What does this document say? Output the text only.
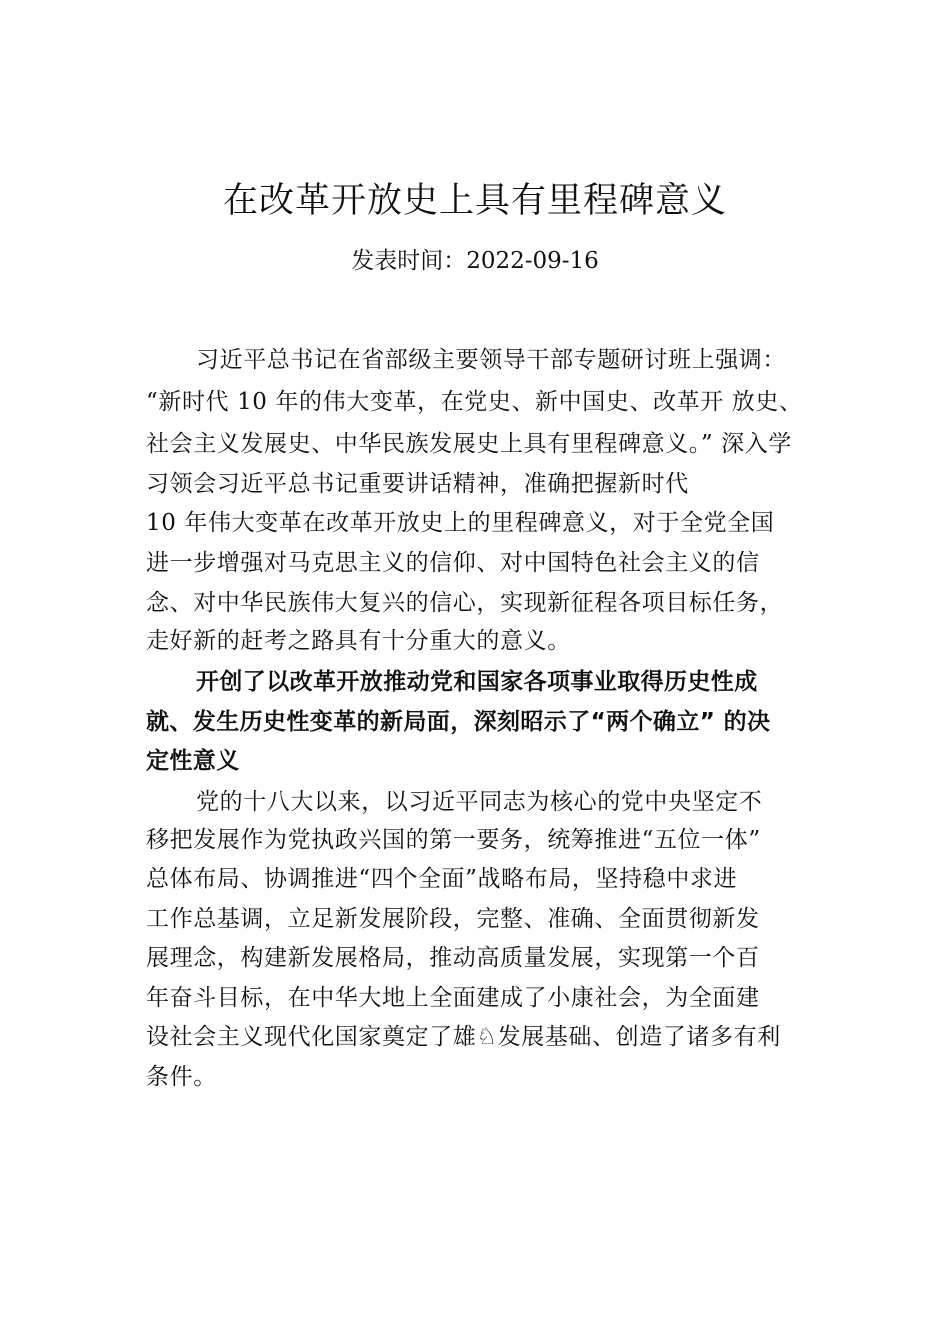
在改革开放史上具有里程碑意义
发表时间：2022-09-16
习近平总书记在省部级主要领导干部专题研讨班上强调：
“新时代 10 年的伟大变革，在党史、新中国史、改革开 放史、
社会主义发展史、中华民族发展史上具有里程碑意义。” 深入学
习领会习近平总书记重要讲话精神，准确把握新时代
10 年伟大变革在改革开放史上的里程碑意义，对于全党全国
进一步增强对马克思主义的信仰、对中国特色社会主义的信
念、对中华民族伟大复兴的信心，实现新征程各项目标任务，
走好新的赶考之路具有十分重大的意义。
开创了以改革开放推动党和国家各项事业取得历史性成
就、发生历史性变革的新局面，深刻昭示了“两个确立” 的决
定性意义
党的十八大以来，以习近平同志为核心的党中央坚定不
移把发展作为党执政兴国的第一要务，统筹推进“五位一体”
总体布局、协调推进“四个全面”战略布局，坚持稳中求进
工作总基调，立足新发展阶段，完整、准确、全面贯彻新发
展理念，构建新发展格局，推动高质量发展，实现第一个百
年奋斗目标，在中华大地上全面建成了小康社会，为全面建
设社会主义现代化国家奠定了雄♘发展基础、创造了诸多有利
条件。
